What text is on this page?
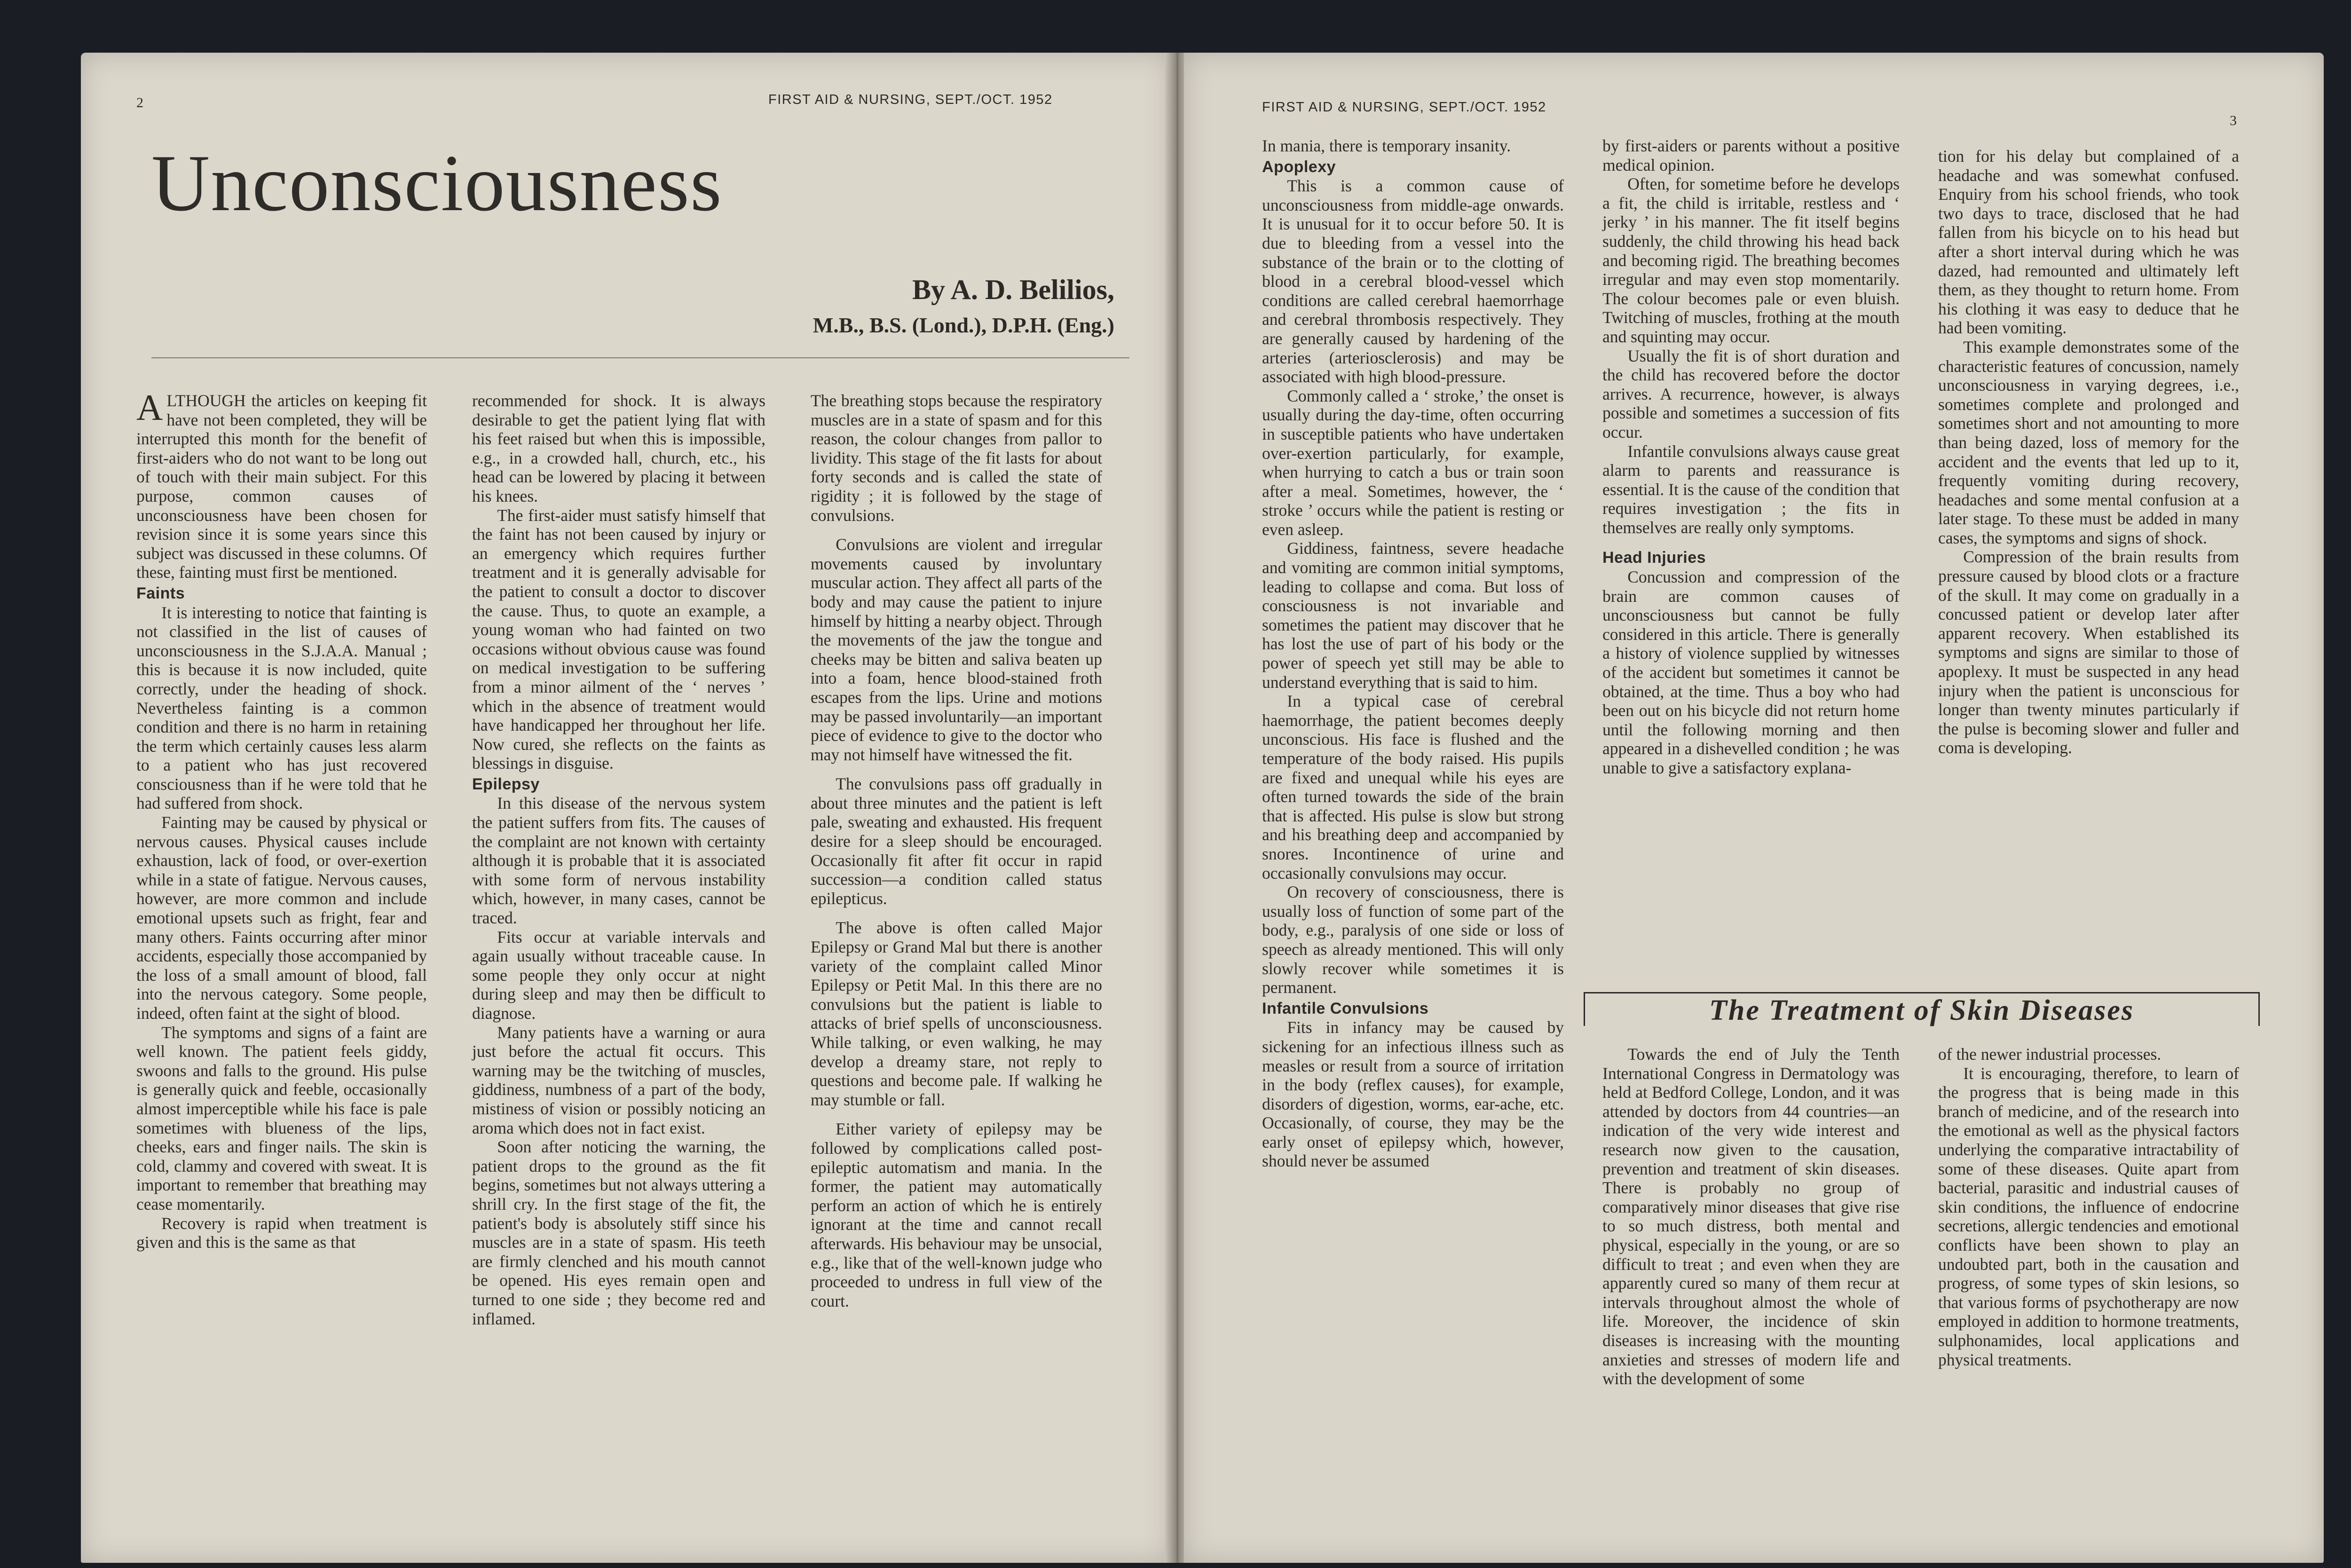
2	FIRST AID & NURSING, SEPT./OCT. 1952
Unconsciousness
By A. D. Belilios,
M.B., B.S. (Lond.), D.P.H. (Eng.)

ALTHOUGH the articles on keeping fit have not been completed, they will be interrupted this month for the benefit of first-aiders who do not want to be long out of touch with their main subject. For this purpose, common causes of unconsciousness have been chosen for revision since it is some years since this subject was discussed in these columns. Of these, fainting must first be mentioned.

Faints

It is interesting to notice that fainting is not classified in the list of causes of unconsciousness in the S.J.A.A. Manual ; this is because it is now included, quite correctly, under the heading of shock. Nevertheless fainting is a common condition and there is no harm in retaining the term which certainly causes less alarm to a patient who has just recovered consciousness than if he were told that he had suffered from shock.

Fainting may be caused by physical or nervous causes. Physical causes include exhaustion, lack of food, or over-exertion while in a state of fatigue. Nervous causes, however, are more common and include emotional upsets such as fright, fear and many others. Faints occurring after minor accidents, especially those accompanied by the loss of a small amount of blood, fall into the nervous category. Some people, indeed, often faint at the sight of blood.

The symptoms and signs of a faint are well known. The patient feels giddy, swoons and falls to the ground. His pulse is generally quick and feeble, occasionally almost imperceptible while his face is pale sometimes with blueness of the lips, cheeks, ears and finger nails. The skin is cold, clammy and covered with sweat. It is important to remember that breathing may cease momentarily.

Recovery is rapid when treatment is given and this is the same as that

recommended for shock. It is always desirable to get the patient lying flat with his feet raised but when this is impossible, e.g., in a crowded hall, church, etc., his head can be lowered by placing it between his knees.

The first-aider must satisfy himself that the faint has not been caused by injury or an emergency which requires further treatment and it is generally advisable for the patient to consult a doctor to discover the cause. Thus, to quote an example, a young woman who had fainted on two occasions without obvious cause was found on medical investigation to be suffering from a minor ailment of the ‘ nerves ’ which in the absence of treatment would have handicapped her throughout her life. Now cured, she reflects on the faints as blessings in disguise.

Epilepsy

In this disease of the nervous system the patient suffers from fits. The causes of the complaint are not known with certainty although it is probable that it is associated with some form of nervous instability which, however, in many cases, cannot be traced.

Fits occur at variable intervals and again usually without traceable cause. In some people they only occur at night during sleep and may then be difficult to diagnose.

Many patients have a warning or aura just before the actual fit occurs. This warning may be the twitching of muscles, giddiness, numbness of a part of the body, mistiness of vision or possibly noticing an aroma which does not in fact exist.

Soon after noticing the warning, the patient drops to the ground as the fit begins, sometimes but not always uttering a shrill cry. In the first stage of the fit, the patient's body is absolutely stiff since his muscles are in a state of spasm. His teeth are firmly clenched and his mouth cannot be opened. His eyes remain open and turned to one side ; they become red and inflamed.

The breathing stops because the respiratory muscles are in a state of spasm and for this reason, the colour changes from pallor to lividity. This stage of the fit lasts for about forty seconds and is called the state of rigidity ; it is followed by the stage of convulsions.

Convulsions are violent and irregular movements caused by involuntary muscular action. They affect all parts of the body and may cause the patient to injure himself by hitting a nearby object. Through the movements of the jaw the tongue and cheeks may be bitten and saliva beaten up into a foam, hence blood-stained froth escapes from the lips. Urine and motions may be passed involuntarily—an important piece of evidence to give to the doctor who may not himself have witnessed the fit.

The convulsions pass off gradually in about three minutes and the patient is left pale, sweating and exhausted. His frequent desire for a sleep should be encouraged. Occasionally fit after fit occur in rapid succession—a condition called status epilepticus.

The above is often called Major Epilepsy or Grand Mal but there is another variety of the complaint called Minor Epilepsy or Petit Mal. In this there are no convulsions but the patient is liable to attacks of brief spells of unconsciousness. While talking, or even walking, he may develop a dreamy stare, not reply to questions and become pale. If walking he may stumble or fall.

Either variety of epilepsy may be followed by complications called post-epileptic automatism and mania. In the former, the patient may automatically perform an action of which he is entirely ignorant at the time and cannot recall afterwards. His behaviour may be unsocial, e.g., like that of the well-known judge who proceeded to undress in full view of the court.

FIRST AID & NURSING, SEPT./OCT. 1952
3

In mania, there is temporary insanity.

Apoplexy

This is a common cause of unconsciousness from middle-age onwards. It is unusual for it to occur before 50. It is due to bleeding from a vessel into the substance of the brain or to the clotting of blood in a cerebral blood-vessel which conditions are called cerebral haemorrhage and cerebral thrombosis respectively. They are generally caused by hardening of the arteries (arteriosclerosis) and may be associated with high blood-pressure.

Commonly called a ‘ stroke,’ the onset is usually during the day-time, often occurring in susceptible patients who have undertaken over-exertion particularly, for example, when hurrying to catch a bus or train soon after a meal. Sometimes, however, the ‘ stroke ’ occurs while the patient is resting or even asleep.

Giddiness, faintness, severe headache and vomiting are common initial symptoms, leading to collapse and coma. But loss of consciousness is not invariable and sometimes the patient may discover that he has lost the use of part of his body or the power of speech yet still may be able to understand everything that is said to him.

In a typical case of cerebral haemorrhage, the patient becomes deeply unconscious. His face is flushed and the temperature of the body raised. His pupils are fixed and unequal while his eyes are often turned towards the side of the brain that is affected. His pulse is slow but strong and his breathing deep and accompanied by snores. Incontinence of urine and occasionally convulsions may occur.

On recovery of consciousness, there is usually loss of function of some part of the body, e.g., paralysis of one side or loss of speech as already mentioned. This will only slowly recover while sometimes it is permanent.

Infantile Convulsions

Fits in infancy may be caused by sickening for an infectious illness such as measles or result from a source of irritation in the body (reflex causes), for example, disorders of digestion, worms, ear-ache, etc. Occasionally, of course, they may be the early onset of epilepsy which, however, should never be assumed

by first-aiders or parents without a positive medical opinion.

Often, for sometime before he develops a fit, the child is irritable, restless and ‘ jerky ’ in his manner. The fit itself begins suddenly, the child throwing his head back and becoming rigid. The breathing becomes irregular and may even stop momentarily. The colour becomes pale or even bluish. Twitching of muscles, frothing at the mouth and squinting may occur.

Usually the fit is of short duration and the child has recovered before the doctor arrives. A recurrence, however, is always possible and sometimes a succession of fits occur.

Infantile convulsions always cause great alarm to parents and reassurance is essential. It is the cause of the condition that requires investigation ; the fits in themselves are really only symptoms.

Head Injuries

Concussion and compression of the brain are common causes of unconsciousness but cannot be fully considered in this article. There is generally a history of violence supplied by witnesses of the accident but sometimes it cannot be obtained, at the time. Thus a boy who had been out on his bicycle did not return home until the following morning and then appeared in a dishevelled condition ; he was unable to give a satisfactory explana-

tion for his delay but complained of a headache and was somewhat confused. Enquiry from his school friends, who took two days to trace, disclosed that he had fallen from his bicycle on to his head but after a short interval during which he was dazed, had remounted and ultimately left them, as they thought to return home. From his clothing it was easy to deduce that he had been vomiting.

This example demonstrates some of the characteristic features of concussion, namely unconsciousness in varying degrees, i.e., sometimes complete and prolonged and sometimes short and not amounting to more than being dazed, loss of memory for the accident and the events that led up to it, frequently vomiting during recovery, headaches and some mental confusion at a later stage. To these must be added in many cases, the symptoms and signs of shock.

Compression of the brain results from pressure caused by blood clots or a fracture of the skull. It may come on gradually in a concussed patient or develop later after apparent recovery. When established its symptoms and signs are similar to those of apoplexy. It must be suspected in any head injury when the patient is unconscious for longer than twenty minutes particularly if the pulse is becoming slower and fuller and coma is developing.

The Treatment of Skin Diseases

Towards the end of July the Tenth International Congress in Dermatology was held at Bedford College, London, and it was attended by doctors from 44 countries—an indication of the very wide interest and research now given to the causation, prevention and treatment of skin diseases. There is probably no group of comparatively minor diseases that give rise to so much distress, both mental and physical, especially in the young, or are so difficult to treat ; and even when they are apparently cured so many of them recur at intervals throughout almost the whole of life. Moreover, the incidence of skin diseases is increasing with the mounting anxieties and stresses of modern life and with the development of some

of the newer industrial processes.

It is encouraging, therefore, to learn of the progress that is being made in this branch of medicine, and of the research into the emotional as well as the physical factors underlying the comparative intractability of some of these diseases. Quite apart from bacterial, parasitic and industrial causes of skin conditions, the influence of endocrine secretions, allergic tendencies and emotional conflicts have been shown to play an undoubted part, both in the causation and progress, of some types of skin lesions, so that various forms of psychotherapy are now employed in addition to hormone treatments, sulphonamides, local applications and physical treatments.
